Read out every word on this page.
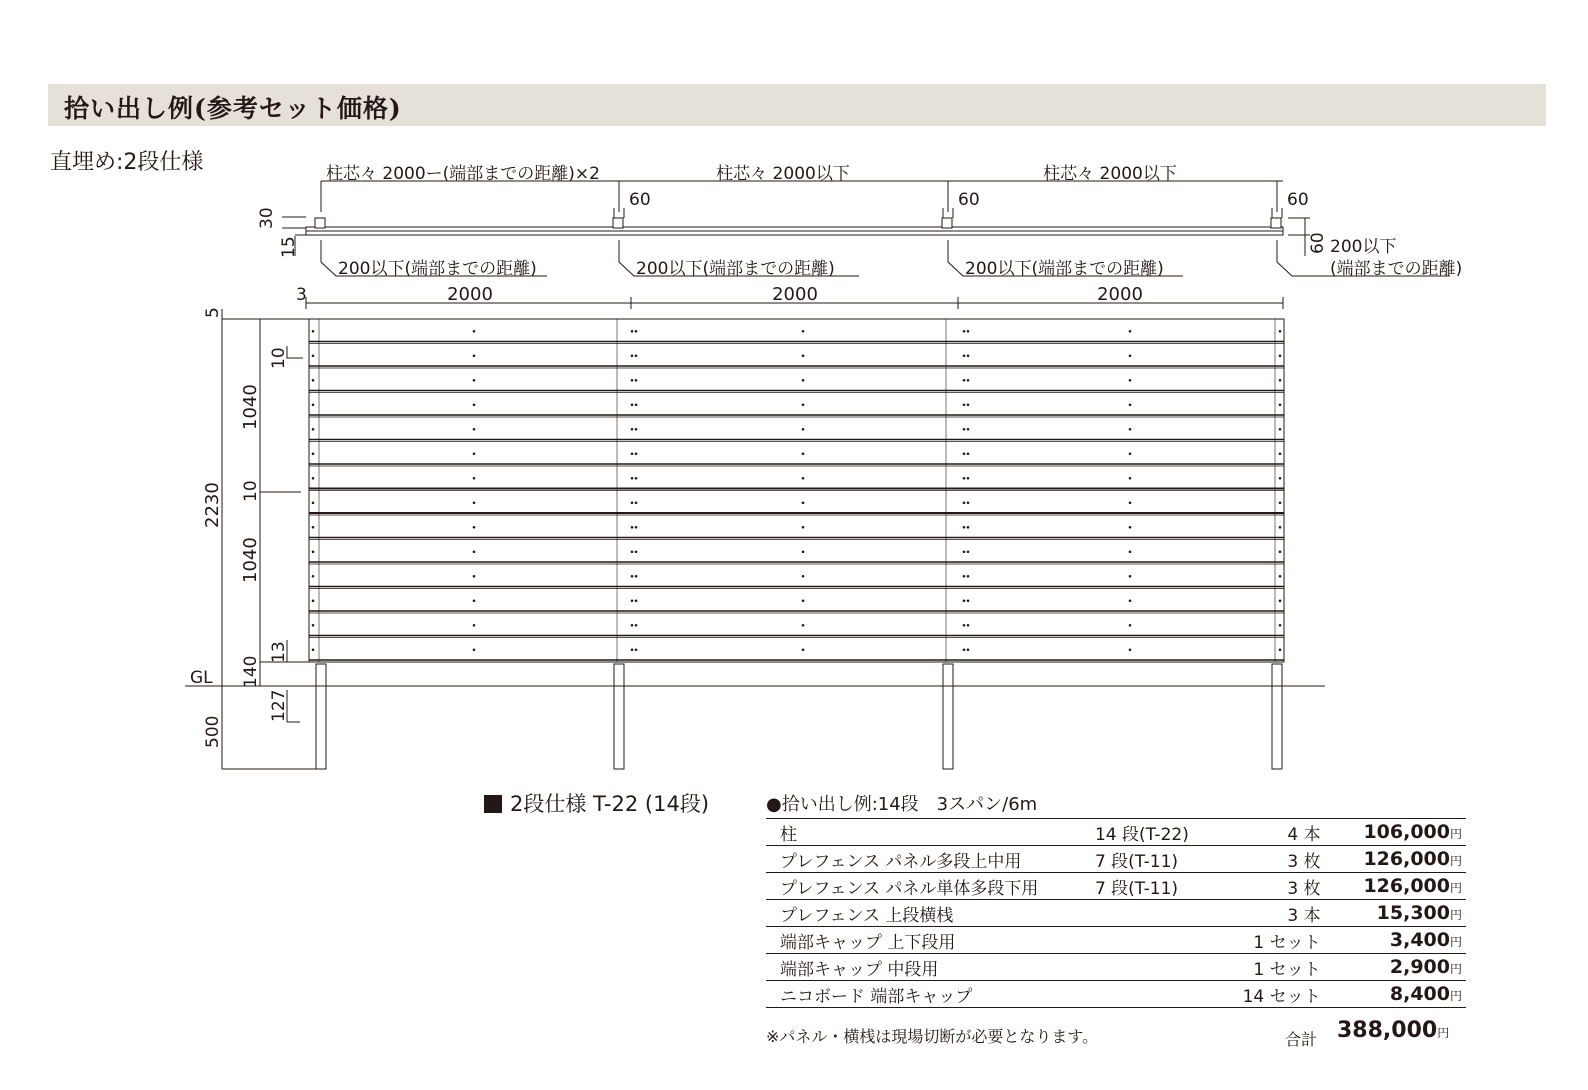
拾い出し例(参考セット価格)
直埋め:2段仕様	柱芯々 2000ー(端部までの距離)×2	柱芯々 2000以下	柱芯々 2000以下
60	60	60
30
15	60
200以下(端部までの距離)	200以下(端部までの距離)	200以下(端部までの距離)
200以下
(端部までの距離)
3	2000	2000	2000
5
2230
1040
10
10
1040
13
140
127
GL
500
2段仕様 T-22 (14段)	●拾い出し例:14段　3スパン/6m
柱	14 段(T-22)	4 本	106,000円
プレフェンス パネル多段上中用	7 段(T-11)	3 枚	126,000円
プレフェンス パネル単体多段下用	7 段(T-11)	3 枚	126,000円
プレフェンス 上段横桟		3 本	15,300円
端部キャップ 上下段用		1 セット	3,400円
端部キャップ 中段用		1 セット	2,900円
ニコボード 端部キャップ		14 セット	8,400円
※パネル・横桟は現場切断が必要となります。	合計 388,000円
